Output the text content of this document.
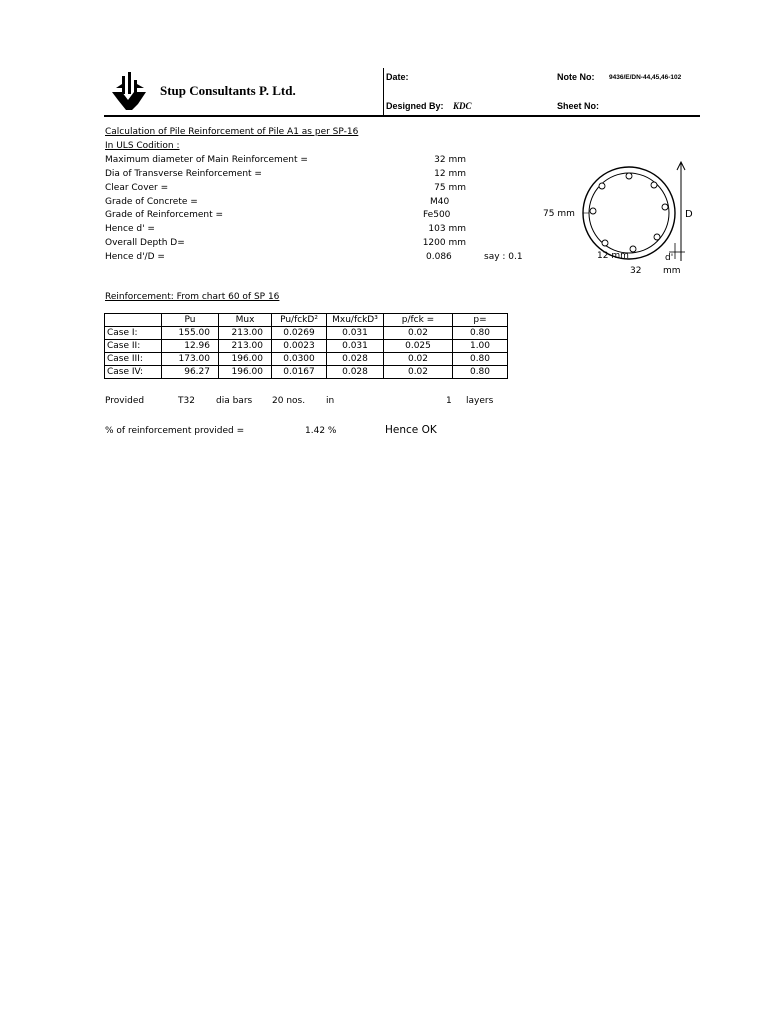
Stup Consultants P. Ltd.
Date:
Designed By: KDC
Note No: 9436/E/DN-44,45,46-102
Sheet No:
Calculation of Pile Reinforcement of Pile A1 as per SP-16
In ULS Codition :
Maximum diameter of Main Reinforcement =	32 mm
Dia of Transverse Reinforcement =	12 mm
Clear Cover =	75 mm
Grade of Concrete =	M40
Grade of Reinforcement =	Fe500
Hence d' =	103 mm
Overall Depth D=	1200 mm
Hence d'/D =	0.086	say : 0.1
75 mm	D
12 mm	d'
32 mm
Reinforcement: From chart 60 of SP 16
	Pu	Mux	Pu/fckD²	Mxu/fckD³	p/fck =	p=
Case I:	155.00	213.00	0.0269	0.031	0.02	0.80
Case II:	12.96	213.00	0.0023	0.031	0.025	1.00
Case III:	173.00	196.00	0.0300	0.028	0.02	0.80
Case IV:	96.27	196.00	0.0167	0.028	0.02	0.80
Provided	T32 dia bars 20 nos. in	1 layers
% of reinforcement provided =	1.42 %	Hence OK
